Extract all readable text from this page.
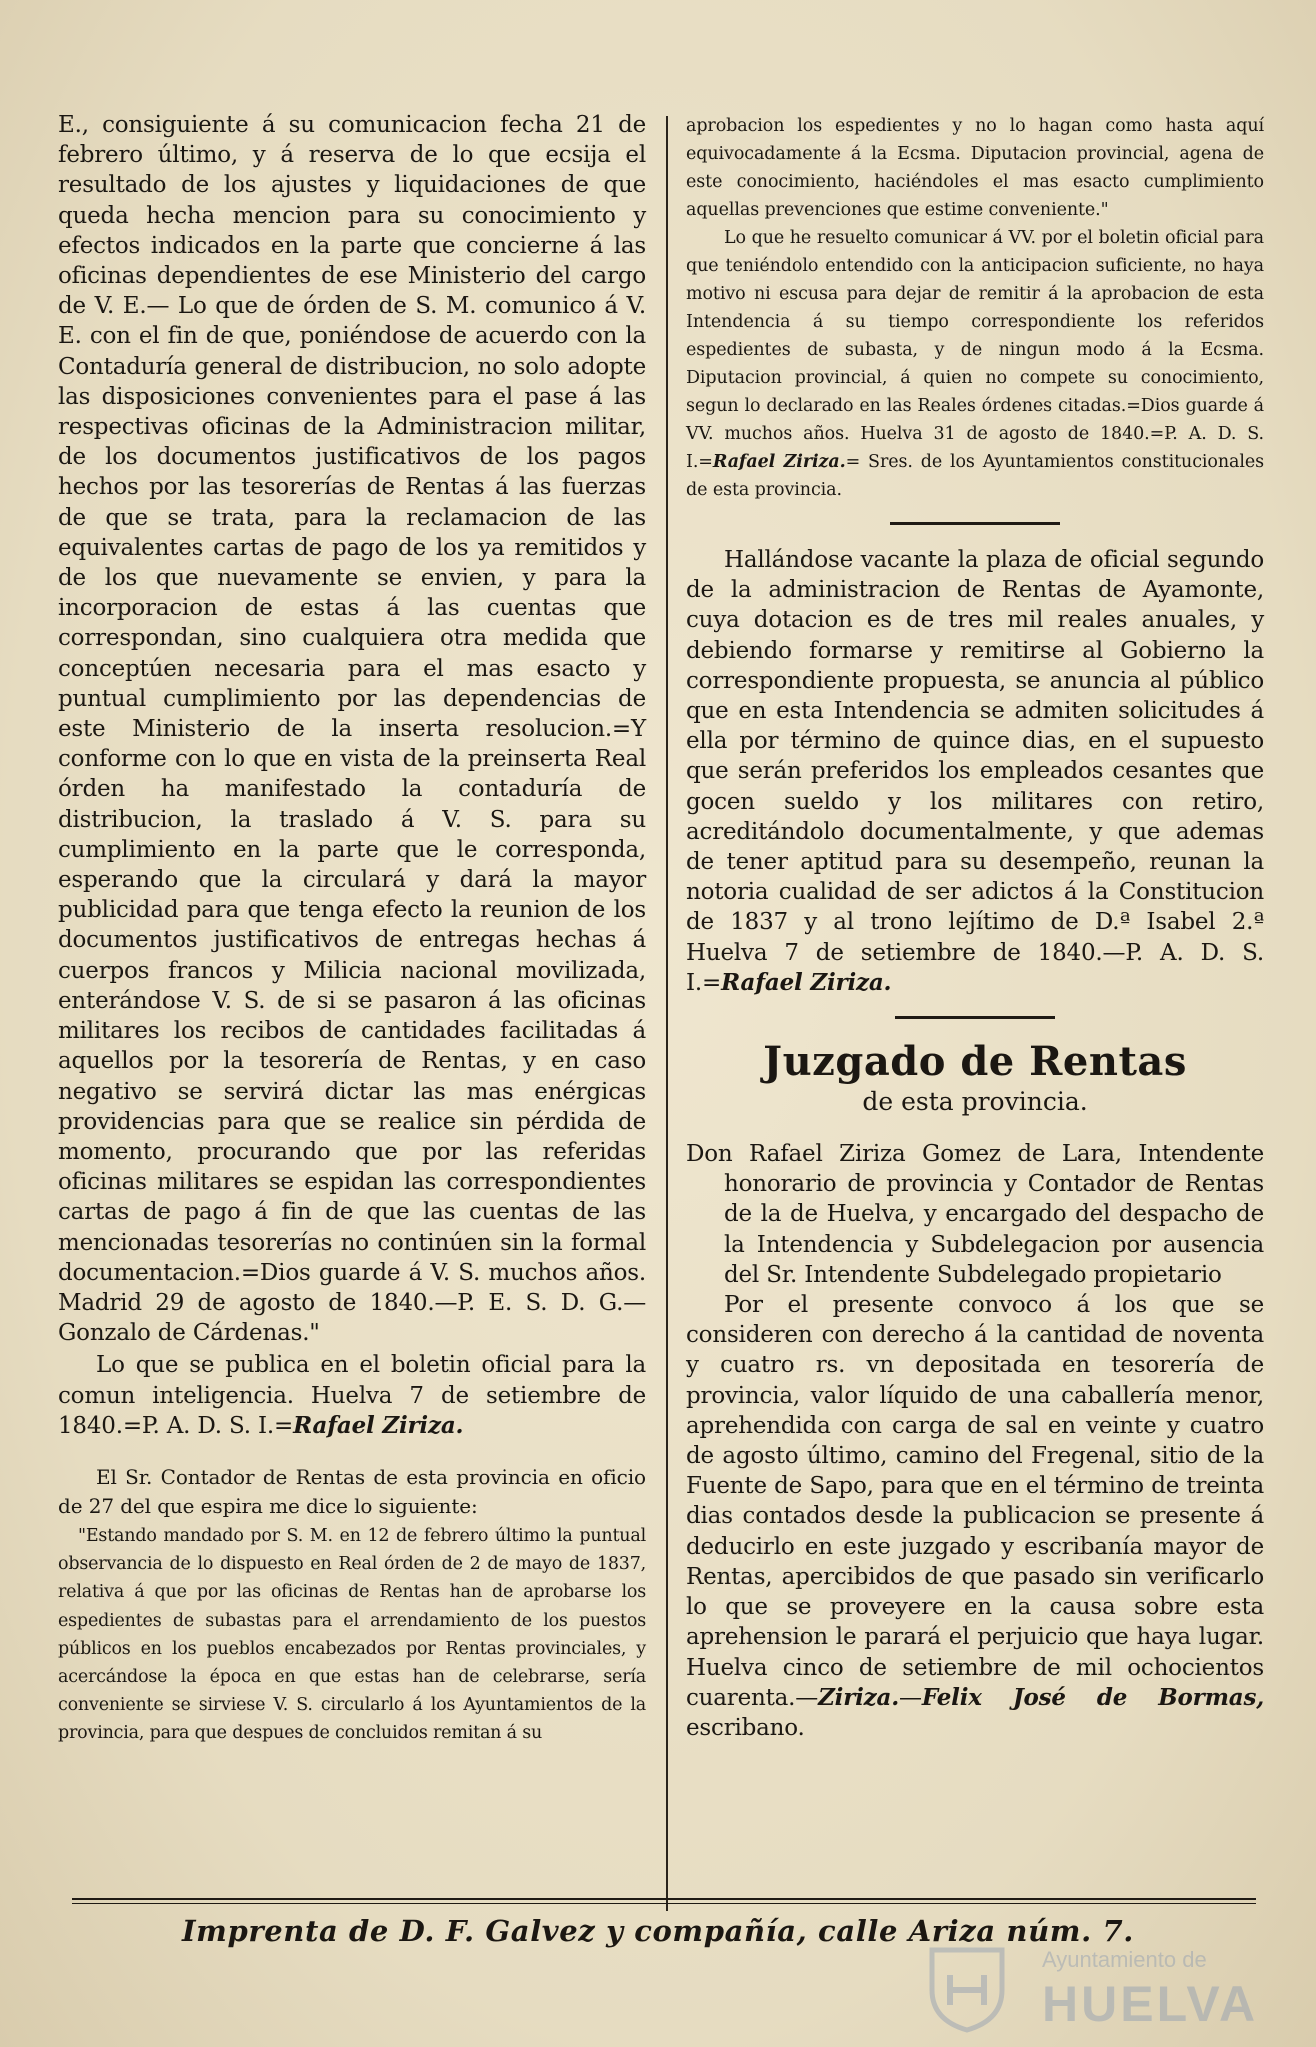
E., consiguiente á su comunicacion fecha 21 de febrero último, y á reserva de lo que ecsija el resultado de los ajustes y liquidaciones de que queda hecha mencion para su conocimiento y efectos indicados en la parte que concierne á las oficinas dependientes de ese Ministerio del cargo de V. E.— Lo que de órden de S. M. comunico á V. E. con el fin de que, poniéndose de acuerdo con la Contaduría general de distribucion, no solo adopte las disposiciones convenientes para el pase á las respectivas oficinas de la Administracion militar, de los documentos justificativos de los pagos hechos por las tesorerías de Rentas á las fuerzas de que se trata, para la reclamacion de las equivalentes cartas de pago de los ya remitidos y de los que nuevamente se envien, y para la incorporacion de estas á las cuentas que correspondan, sino cualquiera otra medida que conceptúen necesaria para el mas esacto y puntual cumplimiento por las dependencias de este Ministerio de la inserta resolucion.=Y conforme con lo que en vista de la preinserta Real órden ha manifestado la contaduría de distribucion, la traslado á V. S. para su cumplimiento en la parte que le corresponda, esperando que la circulará y dará la mayor publicidad para que tenga efecto la reunion de los documentos justificativos de entregas hechas á cuerpos francos y Milicia nacional movilizada, enterándose V. S. de si se pasaron á las oficinas militares los recibos de cantidades facilitadas á aquellos por la tesorería de Rentas, y en caso negativo se servirá dictar las mas enérgicas providencias para que se realice sin pérdida de momento, procurando que por las referidas oficinas militares se espidan las correspondientes cartas de pago á fin de que las cuentas de las mencionadas tesorerías no continúen sin la formal documentacion.=Dios guarde á V. S. muchos años. Madrid 29 de agosto de 1840.—P. E. S. D. G.—Gonzalo de Cárdenas."

Lo que se publica en el boletin oficial para la comun inteligencia. Huelva 7 de setiembre de 1840.=P. A. D. S. I.=Rafael Ziriza.

El Sr. Contador de Rentas de esta provincia en oficio de 27 del que espira me dice lo siguiente:

"Estando mandado por S. M. en 12 de febrero último la puntual observancia de lo dispuesto en Real órden de 2 de mayo de 1837, relativa á que por las oficinas de Rentas han de aprobarse los espedientes de subastas para el arrendamiento de los puestos públicos en los pueblos encabezados por Rentas provinciales, y acercándose la época en que estas han de celebrarse, sería conveniente se sirviese V. S. circularlo á los Ayuntamientos de la provincia, para que despues de concluidos remitan á su

aprobacion los espedientes y no lo hagan como hasta aquí equivocadamente á la Ecsma. Diputacion provincial, agena de este conocimiento, haciéndoles el mas esacto cumplimiento aquellas prevenciones que estime conveniente."

Lo que he resuelto comunicar á VV. por el boletin oficial para que teniéndolo entendido con la anticipacion suficiente, no haya motivo ni escusa para dejar de remitir á la aprobacion de esta Intendencia á su tiempo correspondiente los referidos espedientes de subasta, y de ningun modo á la Ecsma. Diputacion provincial, á quien no compete su conocimiento, segun lo declarado en las Reales órdenes citadas.=Dios guarde á VV. muchos años. Huelva 31 de agosto de 1840.=P. A. D. S. I.=Rafael Ziriza.= Sres. de los Ayuntamientos constitucionales de esta provincia.

Hallándose vacante la plaza de oficial segundo de la administracion de Rentas de Ayamonte, cuya dotacion es de tres mil reales anuales, y debiendo formarse y remitirse al Gobierno la correspondiente propuesta, se anuncia al público que en esta Intendencia se admiten solicitudes á ella por término de quince dias, en el supuesto que serán preferidos los empleados cesantes que gocen sueldo y los militares con retiro, acreditándolo documentalmente, y que ademas de tener aptitud para su desempeño, reunan la notoria cualidad de ser adictos á la Constitucion de 1837 y al trono lejítimo de D.ª Isabel 2.ª Huelva 7 de setiembre de 1840.—P. A. D. S. I.=Rafael Ziriza.

Juzgado de Rentas
de esta provincia.

Don Rafael Ziriza Gomez de Lara, Intendente honorario de provincia y Contador de Rentas de la de Huelva, y encargado del despacho de la Intendencia y Subdelegacion por ausencia del Sr. Intendente Subdelegado propietario

Por el presente convoco á los que se consideren con derecho á la cantidad de noventa y cuatro rs. vn depositada en tesorería de provincia, valor líquido de una caballería menor, aprehendida con carga de sal en veinte y cuatro de agosto último, camino del Fregenal, sitio de la Fuente de Sapo, para que en el término de treinta dias contados desde la publicacion se presente á deducirlo en este juzgado y escribanía mayor de Rentas, apercibidos de que pasado sin verificarlo lo que se proveyere en la causa sobre esta aprehension le parará el perjuicio que haya lugar. Huelva cinco de setiembre de mil ochocientos cuarenta.—Ziriza.—Felix José de Bormas, escribano.

Imprenta de D. F. Galvez y compañía, calle Ariza núm. 7.
Ayuntamiento de
HUELVA
